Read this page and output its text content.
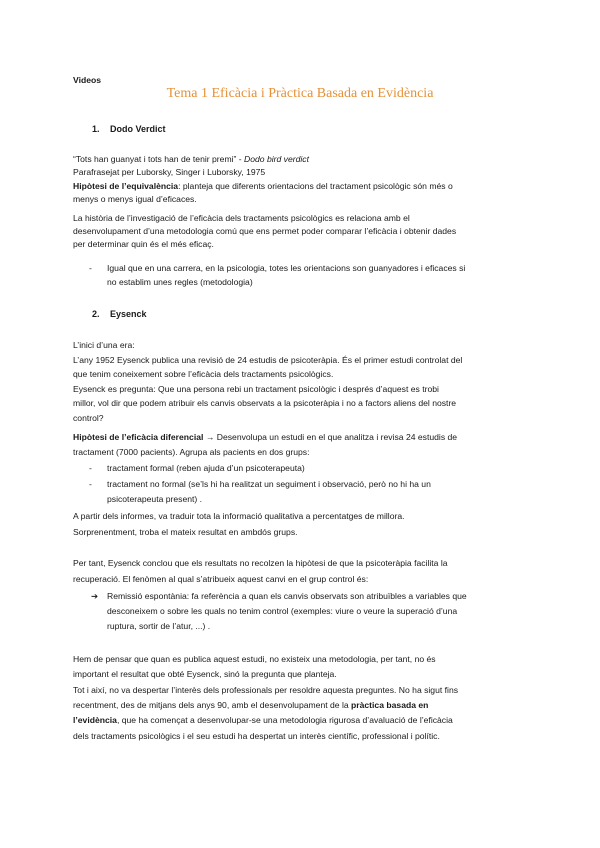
Videos
Tema 1 Eficàcia i Pràctica Basada en Evidència
1. Dodo Verdict
“Tots han guanyat i tots han de tenir premi” - Dodo bird verdict
Parafrasejat per Luborsky, Singer i Luborsky, 1975
Hipòtesi de l’equivalència: planteja que diferents orientacions del tractament psicològic són més o
menys o menys igual d’eficaces.
La història de l’investigació de l’eficàcia dels tractaments psicològics es relaciona amb el
desenvolupament d’una metodologia comú que ens permet poder comparar l’eficàcia i obtenir dades
per determinar quin és el més eficaç.
-	Igual que en una carrera, en la psicologia, totes les orientacions son guanyadores i eficaces si
no establim unes regles (metodologia)
2. Eysenck
L’inici d’una era:
L’any 1952 Eysenck publica una revisió de 24 estudis de psicoteràpia. És el primer estudi controlat del
que tenim coneixement sobre l’eficàcia dels tractaments psicològics.
Eysenck es pregunta: Que una persona rebi un tractament psicològic i després d’aquest es trobi
millor, vol dir que podem atribuir els canvis observats a la psicoteràpia i no a factors aliens del nostre
control?
Hipòtesi de l’eficàcia diferencial → Desenvolupa un estudi en el que analitza i revisa 24 estudis de
tractament (7000 pacients). Agrupa als pacients en dos grups:
-	tractament formal (reben ajuda d’un psicoterapeuta)
-	tractament no formal (se’ls hi ha realitzat un seguiment i observació, però no hi ha un
psicoterapeuta present) .
A partir dels informes, va traduir tota la informació qualitativa a percentatges de millora.
Sorprenentment, troba el mateix resultat en ambdós grups.
Per tant, Eysenck conclou que els resultats no recolzen la hipòtesi de que la psicoteràpia facilita la
recuperació. El fenòmen al qual s’atribueix aquest canvi en el grup control és:
➔	Remissió espontània: fa referència a quan els canvis observats son atribuïbles a variables que
desconeixem o sobre les quals no tenim control (exemples: viure o veure la superació d’una
ruptura, sortir de l’atur, ...) .
Hem de pensar que quan es publica aquest estudi, no existeix una metodologia, per tant, no és
important el resultat que obté Eysenck, sinó la pregunta que planteja.
Tot i així, no va despertar l’interès dels professionals per resoldre aquesta preguntes. No ha sigut fins
recentment, des de mitjans dels anys 90, amb el desenvolupament de la pràctica basada en
l’evidència, que ha començat a desenvolupar-se una metodologia rigurosa d’avaluació de l’eficàcia
dels tractaments psicològics i el seu estudi ha despertat un interès científic, professional i polític.
